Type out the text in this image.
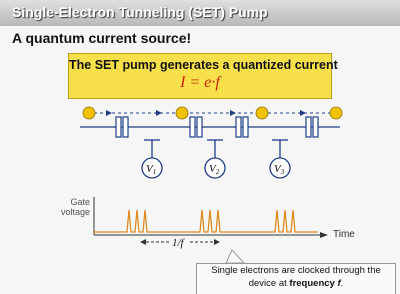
Single-Electron Tunneling (SET) Pump
A quantum current source!
The SET pump generates a quantized current
I = e·f
V1	V2	V3
1/f
Gate
voltage
Time
Single electrons are clocked through the device at frequency f.
